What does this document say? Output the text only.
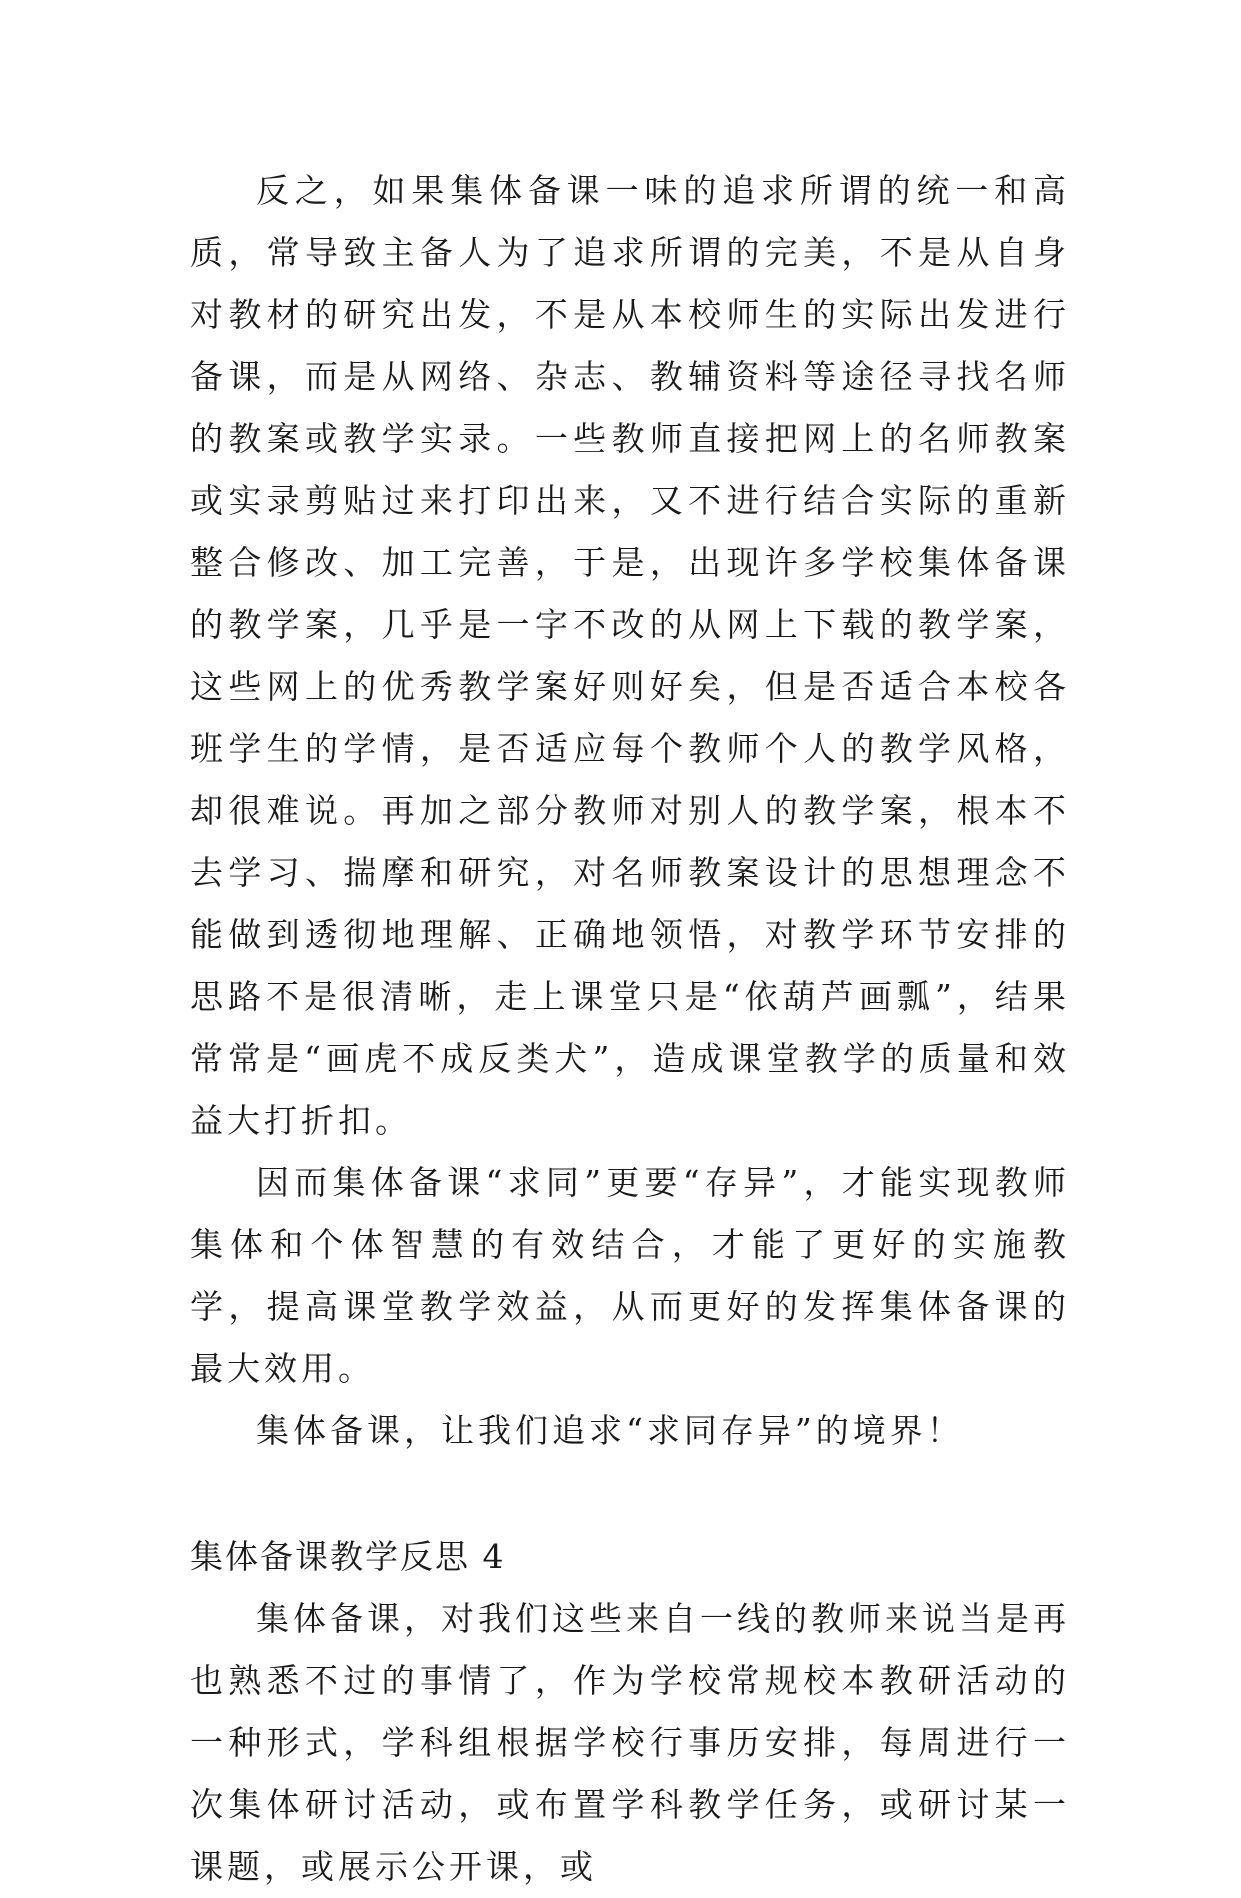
反之，如果集体备课一味的追求所谓的统一和高质，常导致主备人为了追求所谓的完美，不是从自身对教材的研究出发，不是从本校师生的实际出发进行备课，而是从网络、杂志、教辅资料等途径寻找名师的教案或教学实录。一些教师直接把网上的名师教案或实录剪贴过来打印出来，又不进行结合实际的重新整合修改、加工完善，于是，出现许多学校集体备课的教学案，几乎是一字不改的从网上下载的教学案，这些网上的优秀教学案好则好矣，但是否适合本校各班学生的学情，是否适应每个教师个人的教学风格，却很难说。再加之部分教师对别人的教学案，根本不去学习、揣摩和研究，对名师教案设计的思想理念不能做到透彻地理解、正确地领悟，对教学环节安排的思路不是很清晰，走上课堂只是“依葫芦画瓢”，结果常常是“画虎不成反类犬”，造成课堂教学的质量和效益大打折扣。

因而集体备课“求同”更要“存异”，才能实现教师集体和个体智慧的有效结合，才能了更好的实施教学，提高课堂教学效益，从而更好的发挥集体备课的最大效用。

集体备课，让我们追求“求同存异”的境界！

集体备课教学反思 4

集体备课，对我们这些来自一线的教师来说当是再也熟悉不过的事情了，作为学校常规校本教研活动的一种形式，学科组根据学校行事历安排，每周进行一次集体研讨活动，或布置学科教学任务，或研讨某一课题，或展示公开课，或
